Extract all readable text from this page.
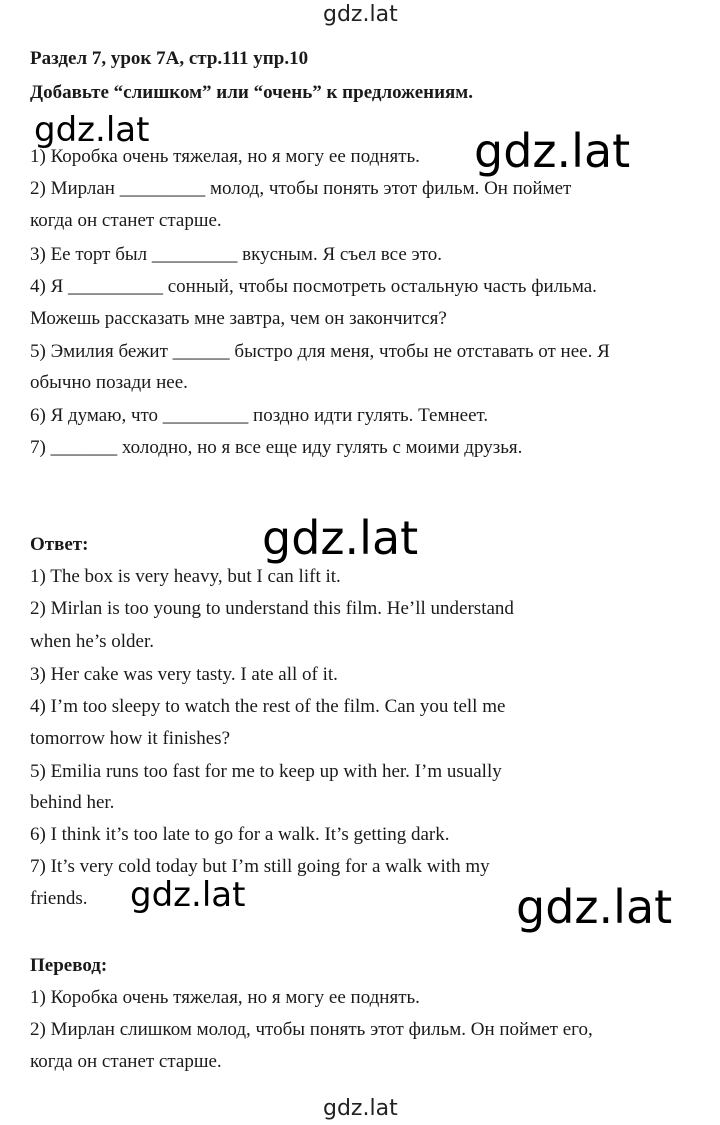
gdz.lat
gdz.lat	gdz.lat
gdz.lat
gdz.lat	gdz.lat
gdz.lat
Раздел 7, урок 7A, стр.111 упр.10
Добавьте “слишком” или “очень” к предложениям.
1) Коробка очень тяжелая, но я могу ее поднять.
2) Мирлан _________ молод, чтобы понять этот фильм. Он поймет
когда он станет старше.
3) Ее торт был _________ вкусным. Я съел все это.
4) Я __________ сонный, чтобы посмотреть остальную часть фильма.
Можешь рассказать мне завтра, чем он закончится?
5) Эмилия бежит ______ быстро для меня, чтобы не отставать от нее. Я
обычно позади нее.
6) Я думаю, что _________ поздно идти гулять. Темнеет.
7) _______ холодно, но я все еще иду гулять с моими друзья.
Ответ:
1) The box is very heavy, but I can lift it.
2) Mirlan is too young to understand this film. He’ll understand
when he’s older.
3) Her cake was very tasty. I ate all of it.
4) I’m too sleepy to watch the rest of the film. Can you tell me
tomorrow how it finishes?
5) Emilia runs too fast for me to keep up with her. I’m usually
behind her.
6) I think it’s too late to go for a walk. It’s getting dark.
7) It’s very cold today but I’m still going for a walk with my
friends.
Перевод:
1) Коробка очень тяжелая, но я могу ее поднять.
2) Мирлан слишком молод, чтобы понять этот фильм. Он поймет его,
когда он станет старше.
